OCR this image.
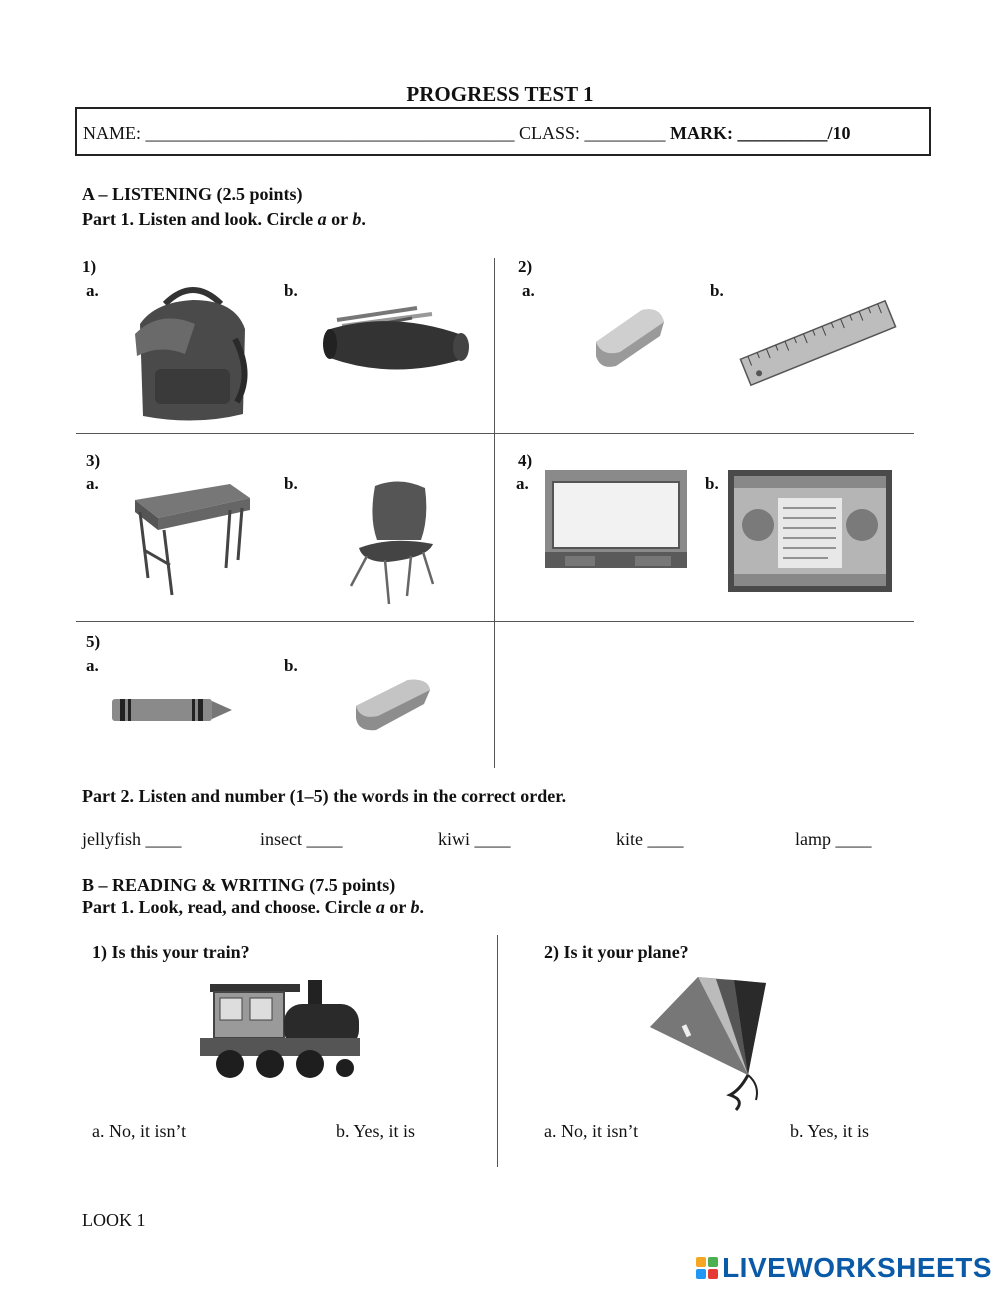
PROGRESS TEST 1
NAME: _________________________________________ CLASS: _________ MARK: __________/10
A – LISTENING (2.5 points)
Part 1. Listen and look. Circle a or b.
1)
a.	b.
2)
a.	b.
3)
a.	b.
4)
a.	b.
5)
a.	b.
Part 2. Listen and number (1–5) the words in the correct order.
jellyfish ____	insect ____	kiwi ____	kite ____	lamp ____
B – READING & WRITING (7.5 points)
Part 1. Look, read, and choose. Circle a or b.
1) Is this your train?
a. No, it isn’t	b. Yes, it is
2) Is it your plane?
a. No, it isn’t	b. Yes, it is
LOOK 1
LIVEWORKSHEETS
